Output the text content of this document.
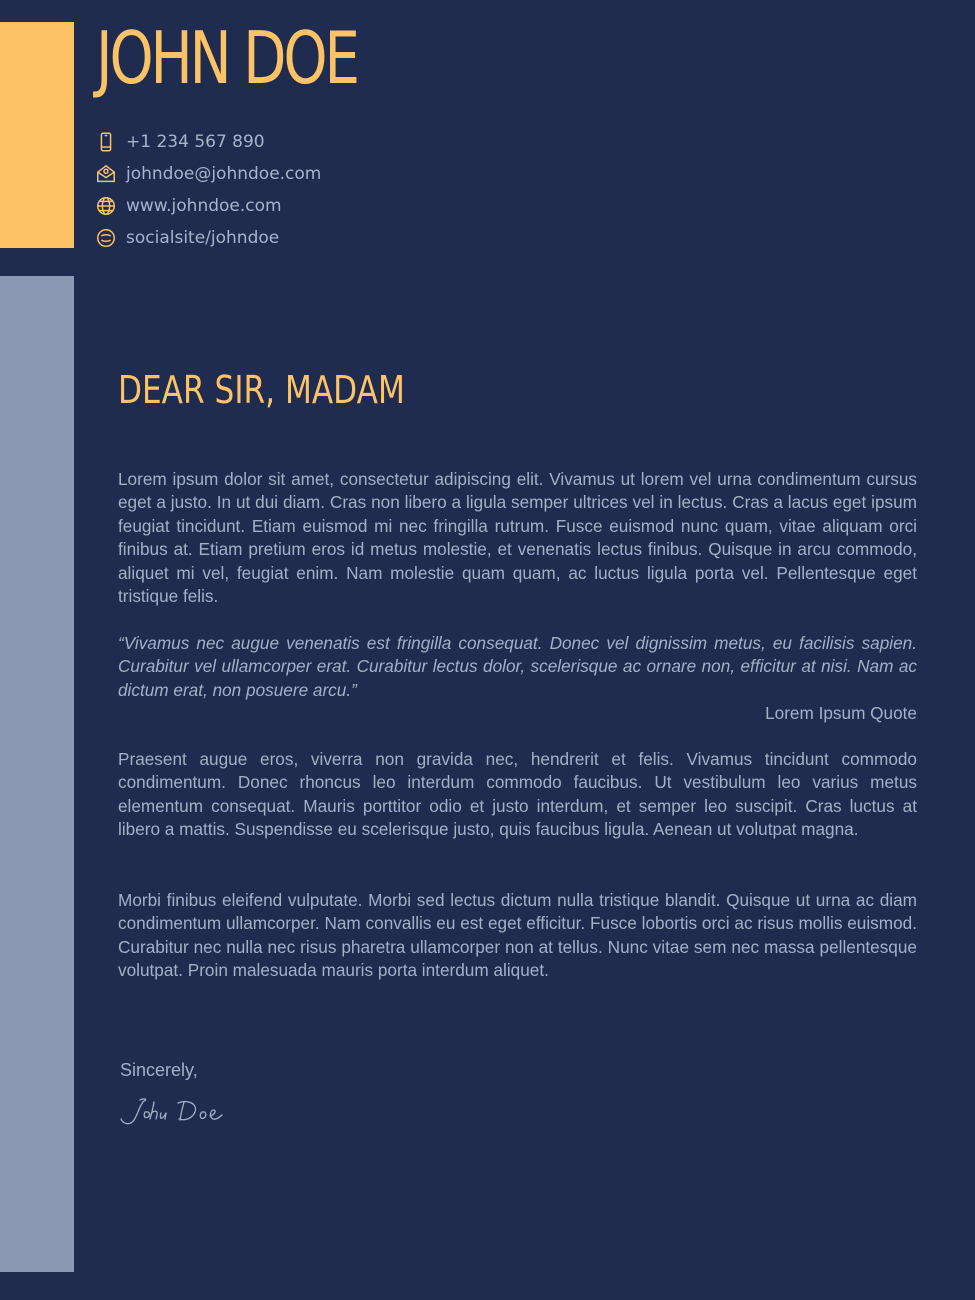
JOHN DOE
+1 234 567 890
johndoe@johndoe.com
www.johndoe.com
socialsite/johndoe
DEAR SIR, MADAM

Lorem ipsum dolor sit amet, consectetur adipiscing elit. Vivamus ut lorem vel urna condimentum cursus eget a justo. In ut dui diam. Cras non libero a ligula semper ultrices vel in lectus. Cras a lacus eget ipsum feugiat tincidunt. Etiam euismod mi nec fringilla rutrum. Fusce euismod nunc quam, vitae aliquam orci finibus at. Etiam pretium eros id metus molestie, et venenatis lectus finibus. Quisque in arcu commodo, aliquet mi vel, feugiat enim. Nam molestie quam quam, ac luctus ligula porta vel. Pellentesque eget tristique felis.

“Vivamus nec augue venenatis est fringilla consequat. Donec vel dignissim metus, eu facilisis sapien. Curabitur vel ullamcorper erat. Curabitur lectus dolor, scelerisque ac ornare non, efficitur at nisi. Nam ac dictum erat, non posuere arcu.”

Lorem Ipsum Quote

Praesent augue eros, viverra non gravida nec, hendrerit et felis. Vivamus tincidunt commodo condimentum. Donec rhoncus leo interdum commodo faucibus. Ut vestibulum leo varius metus elementum consequat. Mauris porttitor odio et justo interdum, et semper leo suscipit. Cras luctus at libero a mattis. Suspendisse eu scelerisque justo, quis faucibus ligula. Aenean ut volutpat magna.

Morbi finibus eleifend vulputate. Morbi sed lectus dictum nulla tristique blandit. Quisque ut urna ac diam condimentum ullamcorper. Nam convallis eu est eget efficitur. Fusce lobortis orci ac risus mollis euismod. Curabitur nec nulla nec risus pharetra ullamcorper non at tellus. Nunc vitae sem nec massa pellentesque volutpat. Proin malesuada mauris porta interdum aliquet.

Sincerely,
